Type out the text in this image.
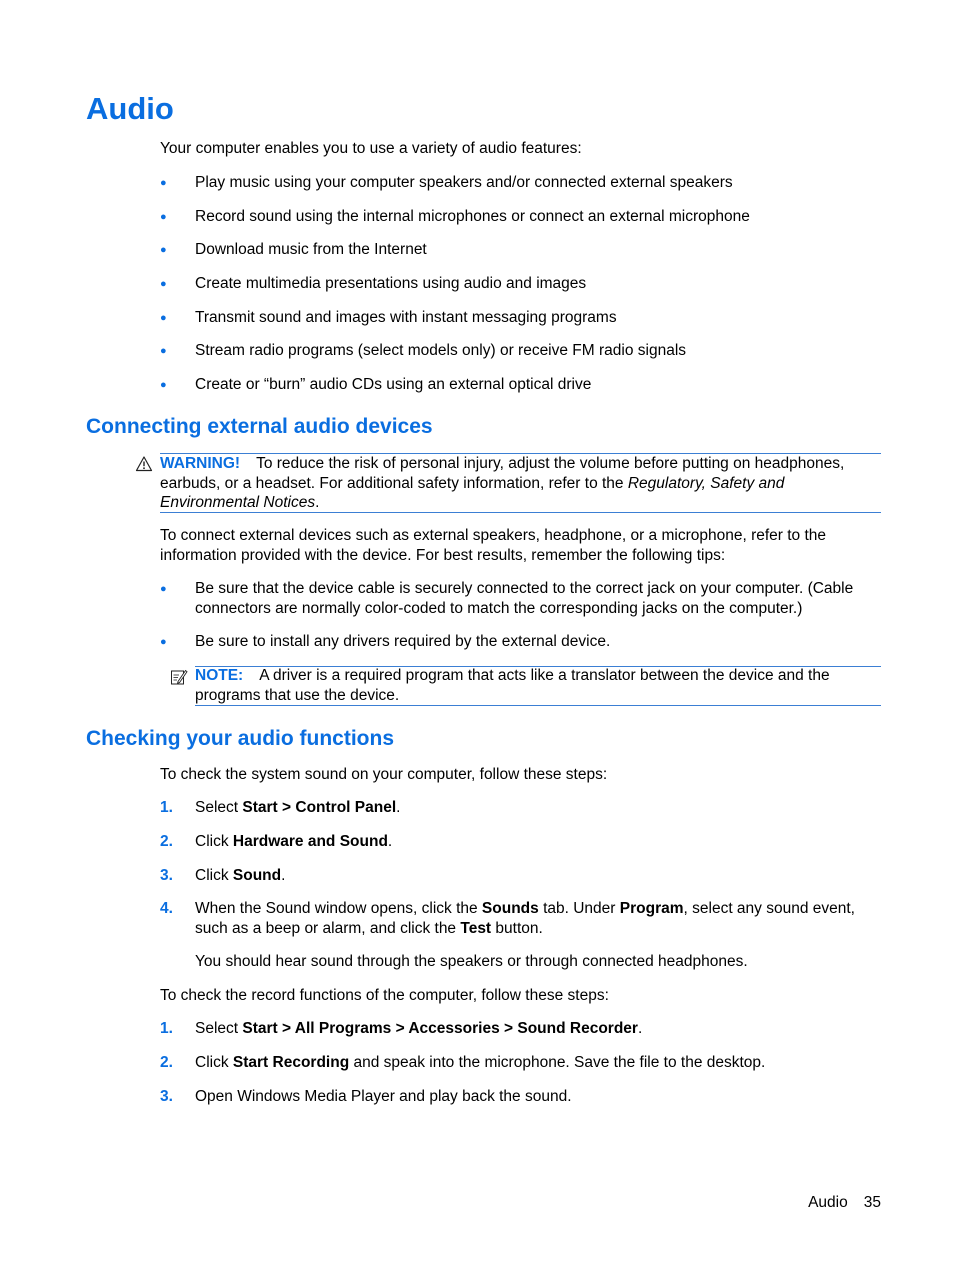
Audio
Your computer enables you to use a variety of audio features:
●	Play music using your computer speakers and/or connected external speakers
●	Record sound using the internal microphones or connect an external microphone
●	Download music from the Internet
●	Create multimedia presentations using audio and images
●	Transmit sound and images with instant messaging programs
●	Stream radio programs (select models only) or receive FM radio signals
●	Create or “burn” audio CDs using an external optical drive
Connecting external audio devices
WARNING! To reduce the risk of personal injury, adjust the volume before putting on headphones, earbuds, or a headset. For additional safety information, refer to the Regulatory, Safety and Environmental Notices.
To connect external devices such as external speakers, headphone, or a microphone, refer to the information provided with the device. For best results, remember the following tips:
●	Be sure that the device cable is securely connected to the correct jack on your computer. (Cable connectors are normally color-coded to match the corresponding jacks on the computer.)
●	Be sure to install any drivers required by the external device.
NOTE: A driver is a required program that acts like a translator between the device and the programs that use the device.
Checking your audio functions
To check the system sound on your computer, follow these steps:
1. Select Start > Control Panel.
2. Click Hardware and Sound.
3. Click Sound.
4. When the Sound window opens, click the Sounds tab. Under Program, select any sound event, such as a beep or alarm, and click the Test button.
You should hear sound through the speakers or through connected headphones.
To check the record functions of the computer, follow these steps:
1. Select Start > All Programs > Accessories > Sound Recorder.
2. Click Start Recording and speak into the microphone. Save the file to the desktop.
3. Open Windows Media Player and play back the sound.
Audio 35
